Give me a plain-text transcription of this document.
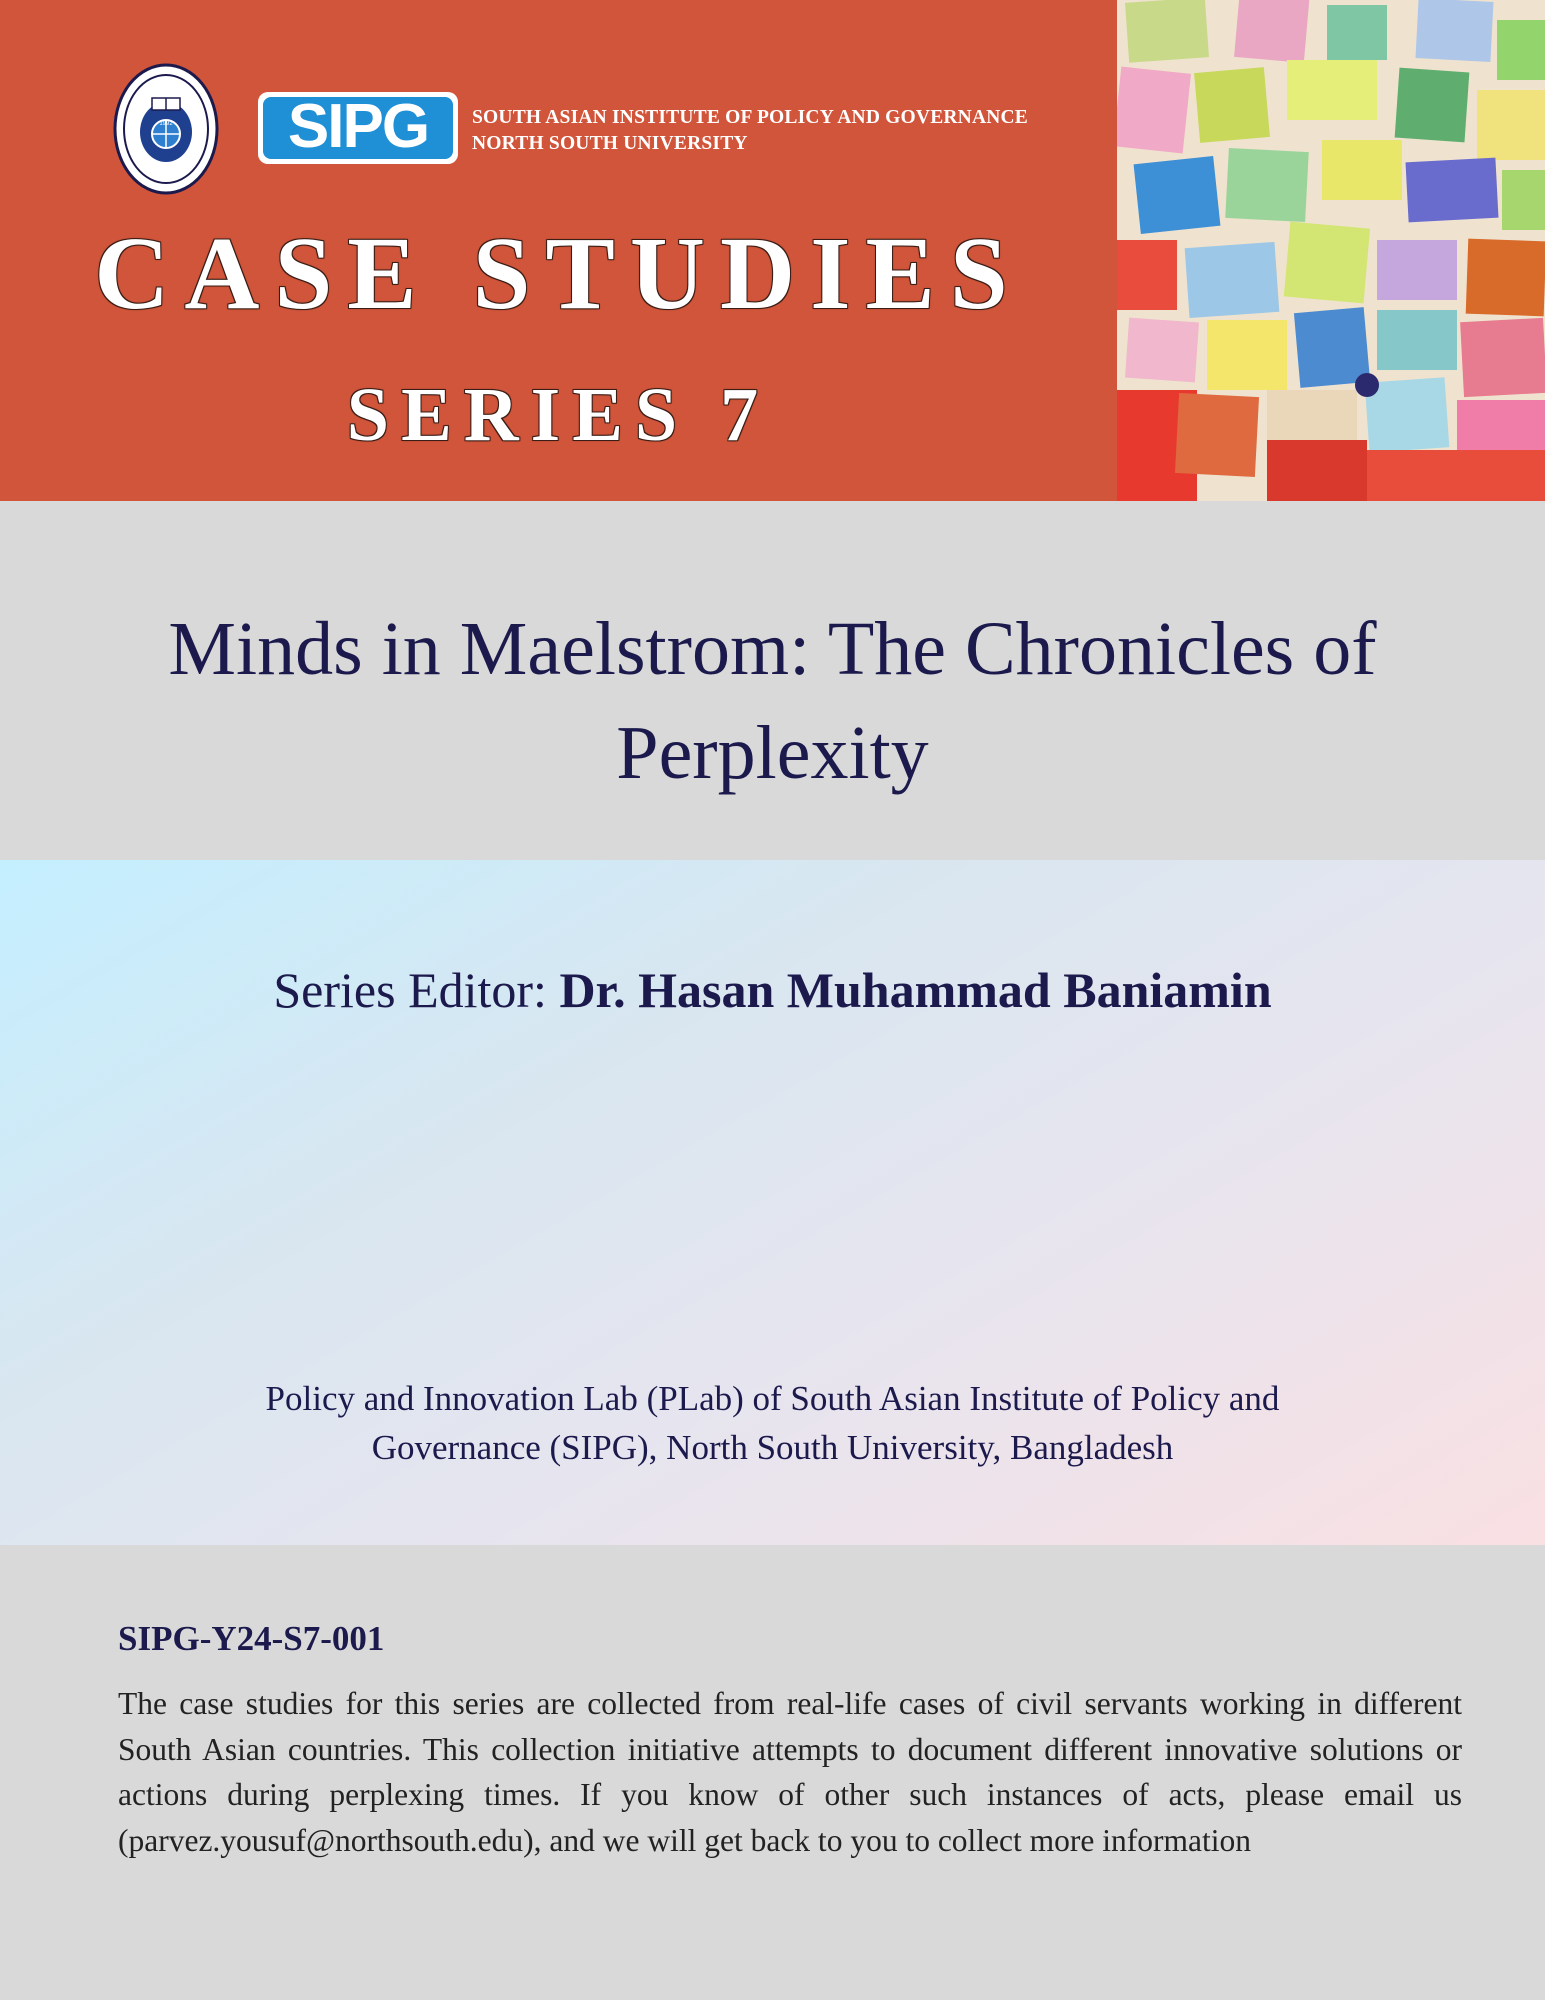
1992 SIPG SOUTH ASIAN INSTITUTE OF POLICY AND GOVERNANCE
NORTH SOUTH UNIVERSITY
CASE STUDIES
SERIES 7
Minds in Maelstrom: The Chronicles of
Perplexity
Series Editor: Dr. Hasan Muhammad Baniamin
Policy and Innovation Lab (PLab) of South Asian Institute of Policy and
Governance (SIPG), North South University, Bangladesh
SIPG-Y24-S7-001
The case studies for this series are collected from real-life cases of civil servants working in different South Asian countries. This collection initiative attempts to document different innovative solutions or actions during perplexing times. If you know of other such instances of acts, please email us (parvez.yousuf@northsouth.edu), and we will get back to you to collect more information
